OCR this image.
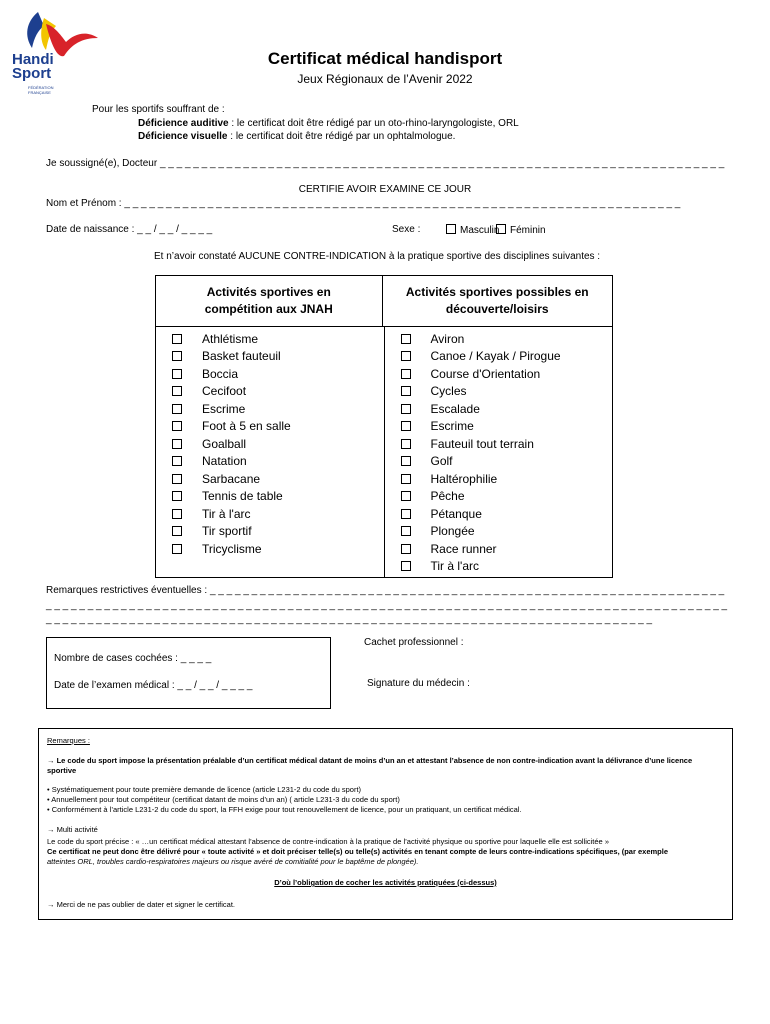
Handi
Sport
FÉDÉRATION
FRANÇAISE
Certificat médical handisport
Jeux Régionaux de l’Avenir 2022
Pour les sportifs souffrant de :
Déficience auditive : le certificat doit être rédigé par un oto-rhino-laryngologiste, ORL
Déficience visuelle : le certificat doit être rédigé par un ophtalmologue.
Je soussigné(e), Docteur _ _ _ _ _ _ _ _ _ _ _ _ _ _ _ _ _ _ _ _ _ _ _ _ _ _ _ _ _ _ _ _ _ _ _ _ _ _ _ _ _ _ _ _ _ _ _ _ _ _ _ _ _ _ _ _ _ _ _ _ _ _ _ _ _ _ _ _
CERTIFIE AVOIR EXAMINE CE JOUR
Nom et Prénom : _ _ _ _ _ _ _ _ _ _ _ _ _ _ _ _ _ _ _ _ _ _ _ _ _ _ _ _ _ _ _ _ _ _ _ _ _ _ _ _ _ _ _ _ _ _ _ _ _ _ _ _ _ _ _ _ _ _ _ _ _ _ _ _ _ _ _
Date de naissance : _ _ / _ _ / _ _ _ _	Sexe :	Masculin	Féminin
Et n’avoir constaté AUCUNE CONTRE-INDICATION à la pratique sportive des disciplines suivantes :
Activités sportives en compétition aux JNAH
Activités sportives possibles en découverte/loisirs
Athlétisme
Basket fauteuil
Boccia
Cecifoot
Escrime
Foot à 5 en salle
Goalball
Natation
Sarbacane
Tennis de table
Tir à l'arc
Tir sportif
Tricyclisme
Aviron
Canoe / Kayak / Pirogue
Course d'Orientation
Cycles
Escalade
Escrime
Fauteuil tout terrain
Golf
Haltérophilie
Pêche
Pétanque
Plongée
Race runner
Tir à l'arc
Remarques restrictives éventuelles : _ _ _ _ _ _ _ _ _ _ _ _ _ _ _ _ _ _ _ _ _ _ _ _ _ _ _ _ _ _ _ _ _ _ _ _ _ _ _ _ _ _ _ _ _ _ _ _ _ _ _ _ _ _ _ _ _ _ _ _ _ _
_ _ _ _ _ _ _ _ _ _ _ _ _ _ _ _ _ _ _ _ _ _ _ _ _ _ _ _ _ _ _ _ _ _ _ _ _ _ _ _ _ _ _ _ _ _ _ _ _ _ _ _ _ _ _ _ _ _ _ _ _ _ _ _ _ _ _ _ _ _ _ _ _ _ _ _ _ _ _ _ _ _
_ _ _ _ _ _ _ _ _ _ _ _ _ _ _ _ _ _ _ _ _ _ _ _ _ _ _ _ _ _ _ _ _ _ _ _ _ _ _ _ _ _ _ _ _ _ _ _ _ _ _ _ _ _ _ _ _ _ _ _ _ _ _ _ _ _ _ _ _ _ _ _ _
Nombre de cases cochées : _ _ _ _
Date de l’examen médical : _ _ / _ _ / _ _ _ _
Cachet professionnel :
Signature du médecin :
Remarques :
→ Le code du sport impose la présentation préalable d’un certificat médical datant de moins d’un an et attestant l’absence de non contre-indication avant la délivrance d’une licence
sportive
• Systématiquement pour toute première demande de licence (article L231-2 du code du sport)
• Annuellement pour tout compétiteur (certificat datant de moins d’un an) ( article L231-3 du code du sport)
• Conformément à l’article L231-2 du code du sport, la FFH exige pour tout renouvellement de licence, pour un pratiquant, un certificat médical.
→ Multi activité
Le code du sport précise : « …un certificat médical attestant l’absence de contre-indication à la pratique de l’activité physique ou sportive pour laquelle elle est sollicitée »
Ce certificat ne peut donc être délivré pour « toute activité » et doit préciser telle(s) ou telle(s) activités en tenant compte de leurs contre-indications spécifiques, (par exemple
atteintes ORL, troubles cardio-respiratoires majeurs ou risque avéré de comitialité pour le baptême de plongée).
D’où l’obligation de cocher les activités pratiquées (ci-dessus)
→ Merci de ne pas oublier de dater et signer le certificat.
